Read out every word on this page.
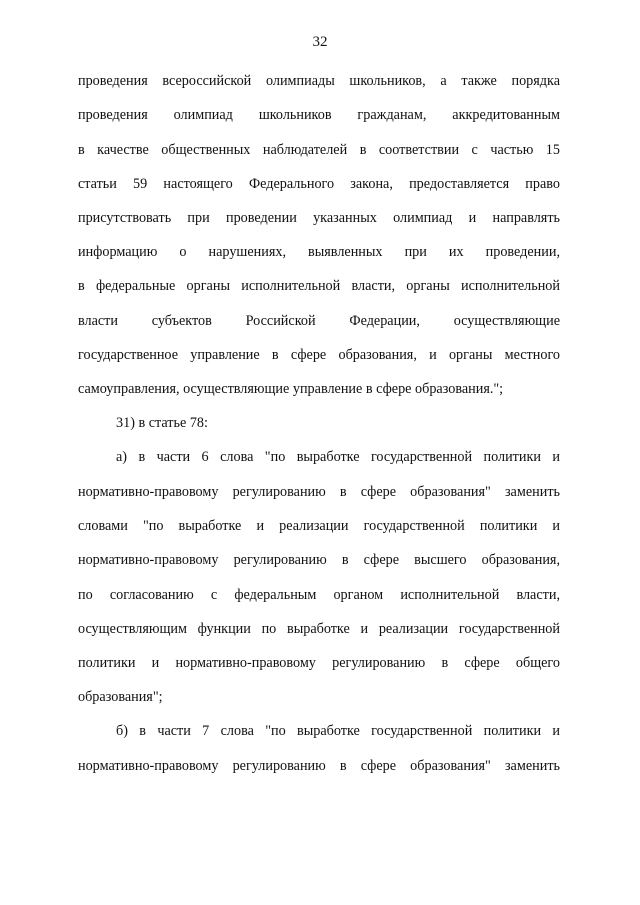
32
проведения всероссийской олимпиады школьников, а также порядка
проведения олимпиад школьников гражданам, аккредитованным
в качестве общественных наблюдателей в соответствии с частью 15
статьи 59 настоящего Федерального закона, предоставляется право
присутствовать при проведении указанных олимпиад и направлять
информацию о нарушениях, выявленных при их проведении,
в федеральные органы исполнительной власти, органы исполнительной
власти субъектов Российской Федерации, осуществляющие
государственное управление в сфере образования, и органы местного
самоуправления, осуществляющие управление в сфере образования.";
31) в статье 78:
а) в части 6 слова "по выработке государственной политики и
нормативно-правовому регулированию в сфере образования" заменить
словами "по выработке и реализации государственной политики и
нормативно-правовому регулированию в сфере высшего образования,
по согласованию с федеральным органом исполнительной власти,
осуществляющим функции по выработке и реализации государственной
политики и нормативно-правовому регулированию в сфере общего
образования";
б) в части 7 слова "по выработке государственной политики и
нормативно-правовому регулированию в сфере образования" заменить
